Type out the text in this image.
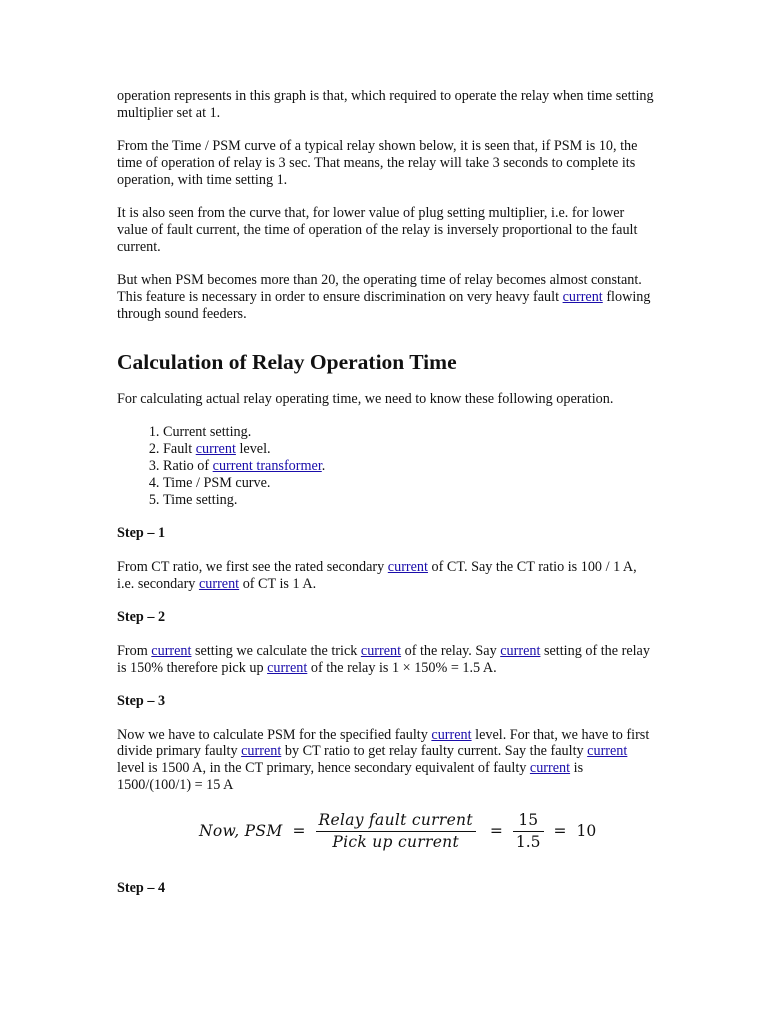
operation represents in this graph is that, which required to operate the relay when time setting multiplier set at 1.

From the Time / PSM curve of a typical relay shown below, it is seen that, if PSM is 10, the time of operation of relay is 3 sec. That means, the relay will take 3 seconds to complete its operation, with time setting 1.

It is also seen from the curve that, for lower value of plug setting multiplier, i.e. for lower value of fault current, the time of operation of the relay is inversely proportional to the fault current.

But when PSM becomes more than 20, the operating time of relay becomes almost constant. This feature is necessary in order to ensure discrimination on very heavy fault current flowing through sound feeders.

Calculation of Relay Operation Time

For calculating actual relay operating time, we need to know these following operation.

1. Current setting.
2. Fault current level.
3. Ratio of current transformer.
4. Time / PSM curve.
5. Time setting.

Step – 1

From CT ratio, we first see the rated secondary current of CT. Say the CT ratio is 100 / 1 A, i.e. secondary current of CT is 1 A.

Step – 2

From current setting we calculate the trick current of the relay. Say current setting of the relay is 150% therefore pick up current of the relay is 1 × 150% = 1.5 A.

Step – 3

Now we have to calculate PSM for the specified faulty current level. For that, we have to first divide primary faulty current by CT ratio to get relay faulty current. Say the faulty current level is 1500 A, in the CT primary, hence secondary equivalent of faulty current is 1500/(100/1) = 15 A

Now, PSM = $\frac{\text{Relay fault current}}{\text{Pick up current}} = \frac{15}{1.5} = 10$

Step – 4
